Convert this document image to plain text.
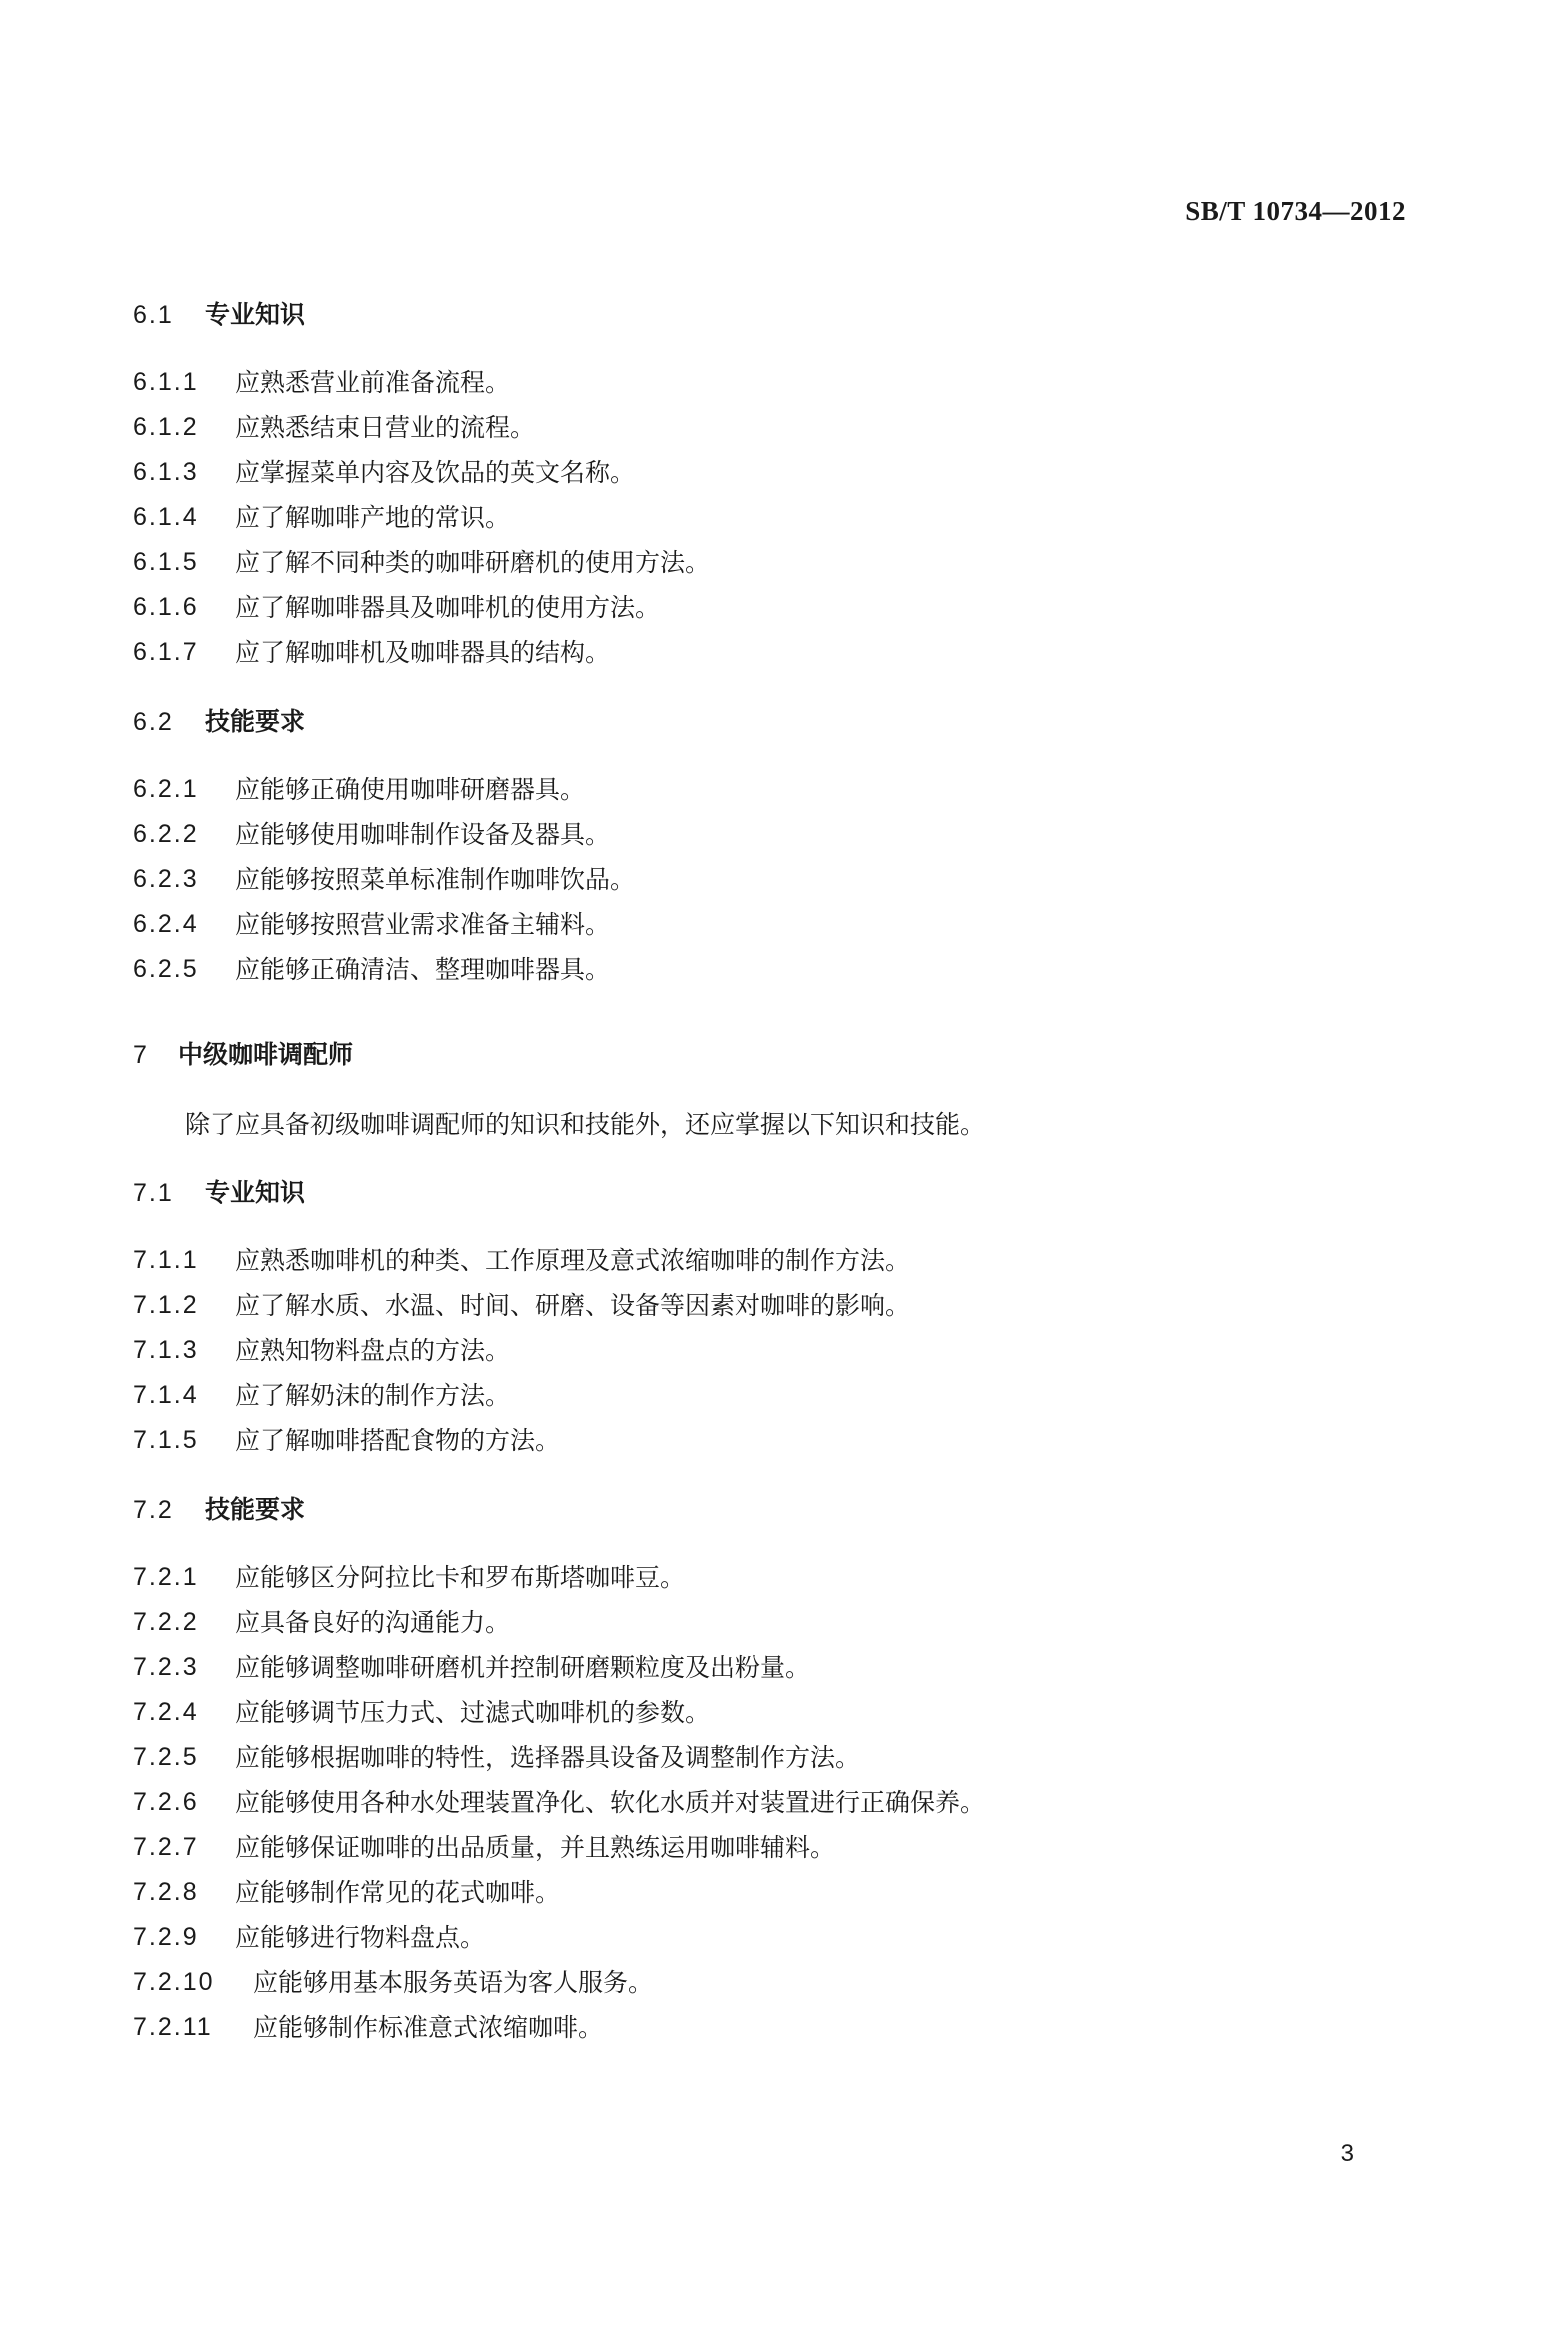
SB/T 10734—2012
6.1	专业知识
6.1.1	应熟悉营业前准备流程。
6.1.2	应熟悉结束日营业的流程。
6.1.3	应掌握菜单内容及饮品的英文名称。
6.1.4	应了解咖啡产地的常识。
6.1.5	应了解不同种类的咖啡研磨机的使用方法。
6.1.6	应了解咖啡器具及咖啡机的使用方法。
6.1.7	应了解咖啡机及咖啡器具的结构。
6.2	技能要求
6.2.1	应能够正确使用咖啡研磨器具。
6.2.2	应能够使用咖啡制作设备及器具。
6.2.3	应能够按照菜单标准制作咖啡饮品。
6.2.4	应能够按照营业需求准备主辅料。
6.2.5	应能够正确清洁、整理咖啡器具。
7	中级咖啡调配师
除了应具备初级咖啡调配师的知识和技能外，还应掌握以下知识和技能。
7.1	专业知识
7.1.1	应熟悉咖啡机的种类、工作原理及意式浓缩咖啡的制作方法。
7.1.2	应了解水质、水温、时间、研磨、设备等因素对咖啡的影响。
7.1.3	应熟知物料盘点的方法。
7.1.4	应了解奶沫的制作方法。
7.1.5	应了解咖啡搭配食物的方法。
7.2	技能要求
7.2.1	应能够区分阿拉比卡和罗布斯塔咖啡豆。
7.2.2	应具备良好的沟通能力。
7.2.3	应能够调整咖啡研磨机并控制研磨颗粒度及出粉量。
7.2.4	应能够调节压力式、过滤式咖啡机的参数。
7.2.5	应能够根据咖啡的特性，选择器具设备及调整制作方法。
7.2.6	应能够使用各种水处理装置净化、软化水质并对装置进行正确保养。
7.2.7	应能够保证咖啡的出品质量，并且熟练运用咖啡辅料。
7.2.8	应能够制作常见的花式咖啡。
7.2.9	应能够进行物料盘点。
7.2.10	应能够用基本服务英语为客人服务。
7.2.11	应能够制作标准意式浓缩咖啡。
3
